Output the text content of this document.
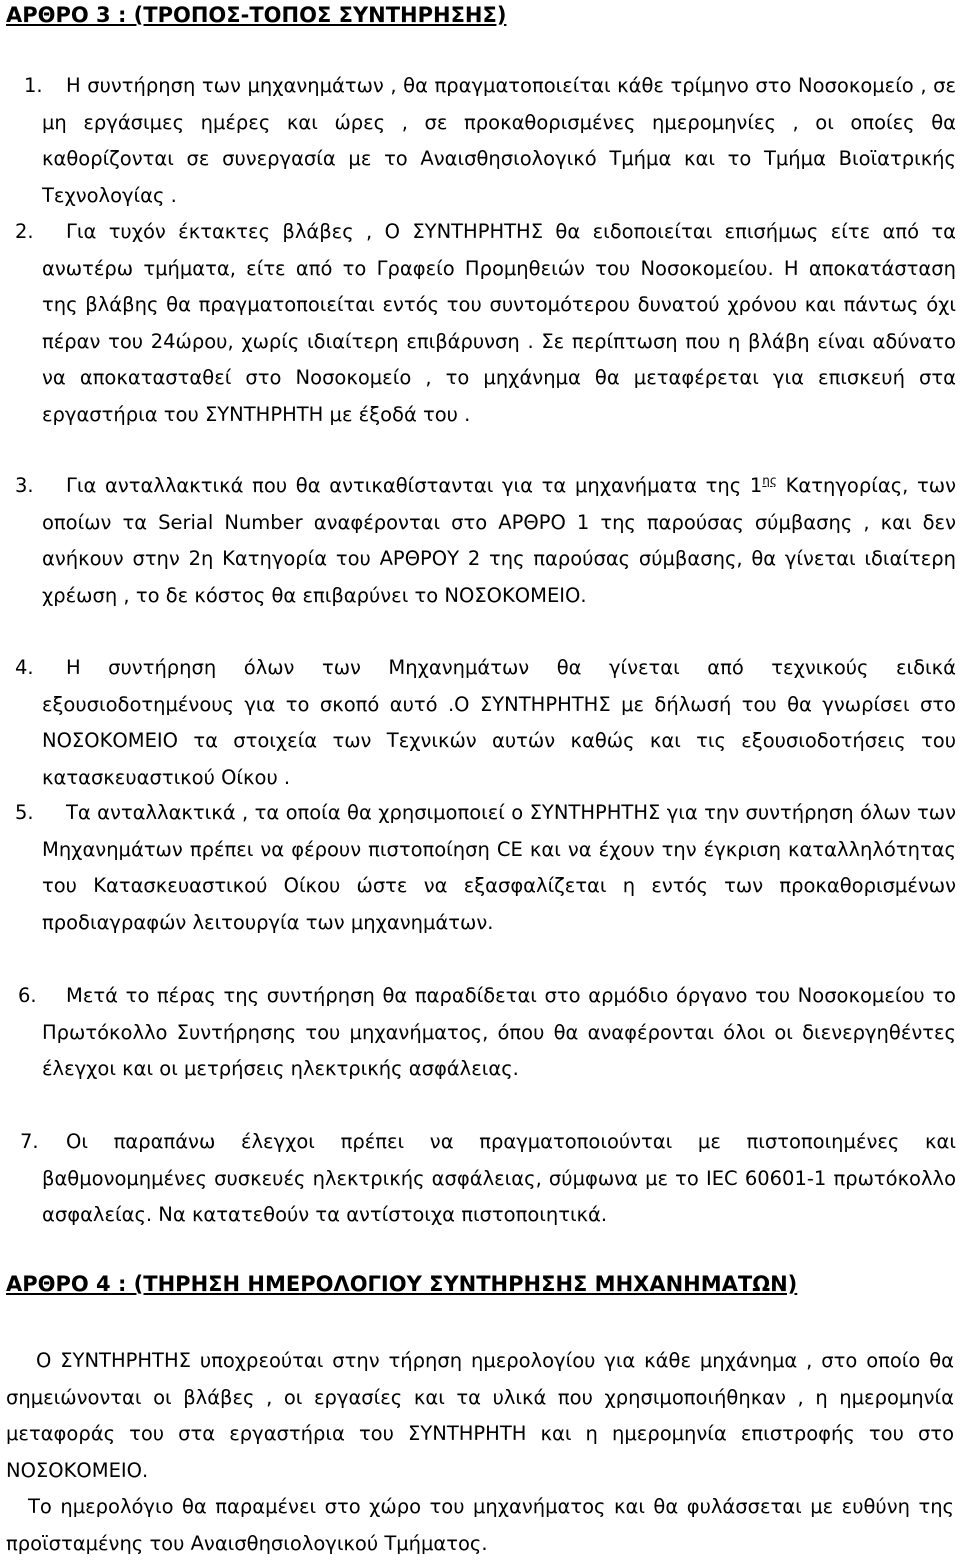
ΑΡΘΡΟ 3 : (ΤΡΟΠΟΣ-ΤΟΠΟΣ ΣΥΝΤΗΡΗΣΗΣ)
1.	Η συντήρηση των μηχανημάτων , θα πραγματοποιείται κάθε τρίμηνο στο Νοσοκομείο , σε μη εργάσιμες ημέρες και ώρες , σε προκαθορισμένες ημερομηνίες , οι οποίες θα καθορίζονται σε συνεργασία με το Αναισθησιολογικό Τμήμα και το Τμήμα Βιοϊατρικής Τεχνολογίας .

2.	Για τυχόν έκτακτες βλάβες , Ο ΣΥΝΤΗΡΗΤΗΣ θα ειδοποιείται επισήμως είτε από τα ανωτέρω τμήματα, είτε από το Γραφείο Προμηθειών του Νοσοκομείου. Η αποκατάσταση της βλάβης θα πραγματοποιείται εντός του συντομότερου δυνατού χρόνου και πάντως όχι πέραν του 24ώρου, χωρίς ιδιαίτερη επιβάρυνση . Σε περίπτωση που η βλάβη είναι αδύνατο να αποκατασταθεί στο Νοσοκομείο , το μηχάνημα θα μεταφέρεται για επισκευή στα εργαστήρια του ΣΥΝΤΗΡΗΤΗ με έξοδά του .

3.	Για ανταλλακτικά που θα αντικαθίστανται για τα μηχανήματα της $1^{\eta\varsigma}$ Κατηγορίας, των οποίων τα Serial Number αναφέρονται στο ΑΡΘΡΟ 1 της παρούσας σύμβασης , και δεν ανήκουν στην 2η Κατηγορία του ΑΡΘΡΟΥ 2 της παρούσας σύμβασης, θα γίνεται ιδιαίτερη χρέωση , το δε κόστος θα επιβαρύνει το ΝΟΣΟΚΟΜΕΙΟ.

4.	Η συντήρηση όλων των Μηχανημάτων θα γίνεται από τεχνικούς ειδικά εξουσιοδοτημένους για το σκοπό αυτό .Ο ΣΥΝΤΗΡΗΤΗΣ με δήλωσή του θα γνωρίσει στο ΝΟΣΟΚΟΜΕΙΟ τα στοιχεία των Τεχνικών αυτών καθώς και τις εξουσιοδοτήσεις του κατασκευαστικού Οίκου .

5.	Τα ανταλλακτικά , τα οποία θα χρησιμοποιεί ο ΣΥΝΤΗΡΗΤΗΣ για την συντήρηση όλων των Μηχανημάτων πρέπει να φέρουν πιστοποίηση CE και να έχουν την έγκριση καταλληλότητας του Κατασκευαστικού Οίκου ώστε να εξασφαλίζεται η εντός των προκαθορισμένων προδιαγραφών λειτουργία των μηχανημάτων.

6.	Μετά το πέρας της συντήρηση θα παραδίδεται στο αρμόδιο όργανο του Νοσοκομείου το Πρωτόκολλο Συντήρησης του μηχανήματος, όπου θα αναφέρονται όλοι οι διενεργηθέντες έλεγχοι και οι μετρήσεις ηλεκτρικής ασφάλειας.

7.	Οι παραπάνω έλεγχοι πρέπει να πραγματοποιούνται με πιστοποιημένες και βαθμονομημένες συσκευές ηλεκτρικής ασφάλειας, σύμφωνα με το IEC 60601-1 πρωτόκολλο ασφαλείας. Να κατατεθούν τα αντίστοιχα πιστοποιητικά.

ΑΡΘΡΟ 4 : (ΤΗΡΗΣΗ ΗΜΕΡΟΛΟΓΙΟΥ ΣΥΝΤΗΡΗΣΗΣ ΜΗΧΑΝΗΜΑΤΩΝ)

Ο ΣΥΝΤΗΡΗΤΗΣ υποχρεούται στην τήρηση ημερολογίου για κάθε μηχάνημα , στο οποίο θα σημειώνονται οι βλάβες , οι εργασίες και τα υλικά που χρησιμοποιήθηκαν , η ημερομηνία μεταφοράς του στα εργαστήρια του ΣΥΝΤΗΡΗΤΗ και η ημερομηνία επιστροφής του στο ΝΟΣΟΚΟΜΕΙΟ.

Το ημερολόγιο θα παραμένει στο χώρο του μηχανήματος και θα φυλάσσεται με ευθύνη της προϊσταμένης του Αναισθησιολογικού Τμήματος.
